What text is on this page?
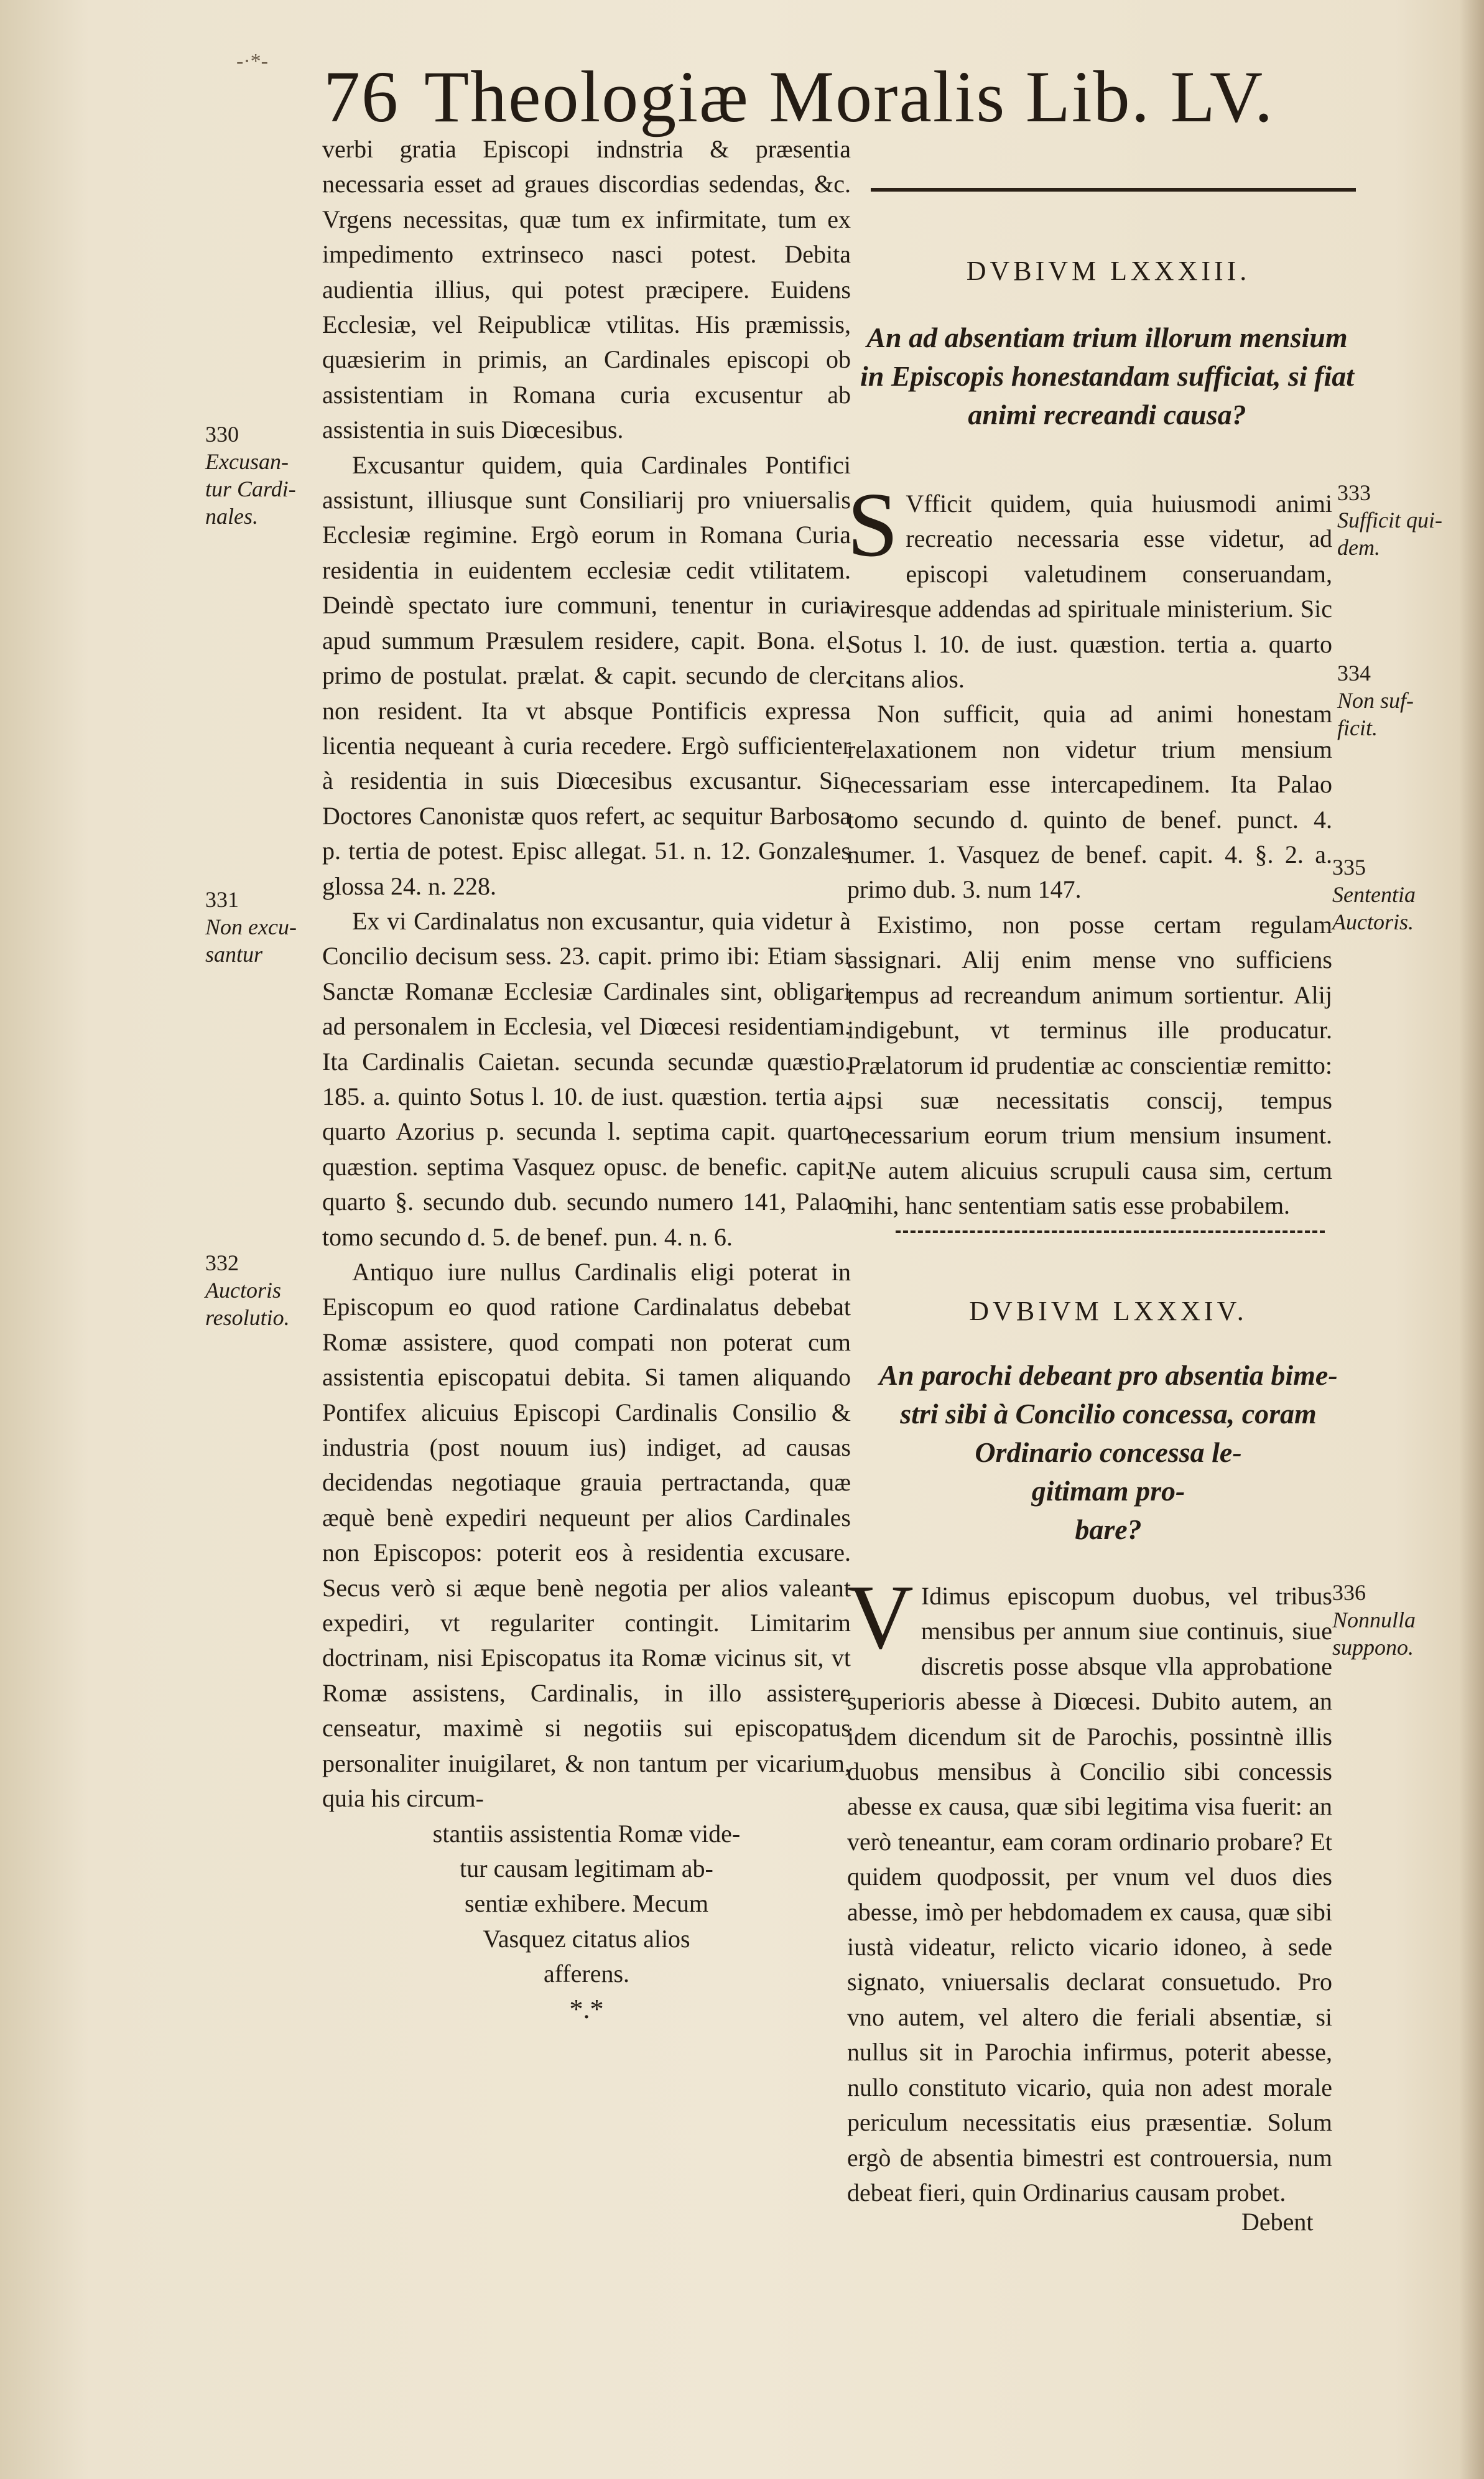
-·*- 76 Theologiæ Moralis Lib. LV.

verbi gratia Episcopi indnstria & præsentia necessaria esset ad graues discordias sedendas, &c. Vrgens necessitas, quæ tum ex infirmitate, tum ex impedimento extrinseco nasci potest. Debita audientia illius, qui potest præcipere. Euidens Ecclesiæ, vel Reipublicæ vtilitas. His præmissis, quæsierim in primis, an Cardinales episcopi ob assistentiam in Romana curia excusentur ab assistentia in suis Diœcesibus.

Excusantur quidem, quia Cardinales Pontifici assistunt, illiusque sunt Consiliarij pro vniuersalis Ecclesiæ regimine. Ergò eorum in Romana Curia residentia in euidentem ecclesiæ cedit vtilitatem. Deindè spectato iure communi, tenentur in curia apud summum Præsulem residere, capit. Bona. el. primo de postulat. prælat. & capit. secundo de cler. non resident. Ita vt absque Pontificis expressa licentia nequeant à curia recedere. Ergò sufficienter à residentia in suis Diœcesibus excusantur. Sic Doctores Canonistæ quos refert, ac sequitur Barbosa p. tertia de potest. Episc allegat. 51. n. 12. Gonzales glossa 24. n. 228.

Ex vi Cardinalatus non excusantur, quia videtur à Concilio decisum sess. 23. capit. primo ibi: Etiam si Sanctæ Romanæ Ecclesiæ Cardinales sint, obligari ad personalem in Ecclesia, vel Diœcesi residentiam. Ita Cardinalis Caietan. secunda secundæ quæstio. 185. a. quinto Sotus l. 10. de iust. quæstion. tertia a. quarto Azorius p. secunda l. septima capit. quarto quæstion. septima Vasquez opusc. de benefic. capit. quarto §. secundo dub. secundo numero 141, Palao tomo secundo d. 5. de benef. pun. 4. n. 6.

Antiquo iure nullus Cardinalis eligi poterat in Episcopum eo quod ratione Cardinalatus debebat Romæ assistere, quod compati non poterat cum assistentia episcopatui debita. Si tamen aliquando Pontifex alicuius Episcopi Cardinalis Consilio & industria (post nouum ius) indiget, ad causas decidendas negotiaque grauia pertractanda, quæ æquè benè expediri nequeunt per alios Cardinales non Episcopos: poterit eos à residentia excusare. Secus verò si æque benè negotia per alios valeant expediri, vt regulariter contingit. Limitarim doctrinam, nisi Episcopatus ita Romæ vicinus sit, vt Romæ assistens, Cardinalis, in illo assistere censeatur, maximè si negotiis sui episcopatus personaliter inuigilaret, & non tantum per vicarium, quia his circum-

stantiis assistentia Romæ vide-
tur causam legitimam ab-
sentiæ exhibere. Mecum
Vasquez citatus alios
afferens.
*.*
330
Excusan-
tur Cardi-
nales.
331
Non excu-
santur
332
Auctoris
resolutio.
333
Sufficit qui-
dem.
334
Non suf-
ficit.
335
Sententia
Auctoris.
336
Nonnulla
suppono.
DVBIVM LXXXIII.
An ad absentiam trium illorum mensium in Episcopis honestandam sufficiat, si fiat animi recreandi causa?

S Vfficit quidem, quia huiusmodi animi recreatio necessaria esse videtur, ad episcopi valetudinem conseruandam, viresque addendas ad spirituale ministerium. Sic Sotus l. 10. de iust. quæstion. tertia a. quarto citans alios.

Non sufficit, quia ad animi honestam relaxationem non videtur trium mensium necessariam esse intercapedinem. Ita Palao tomo secundo d. quinto de benef. punct. 4. numer. 1. Vasquez de benef. capit. 4. §. 2. a. primo dub. 3. num 147.

Existimo, non posse certam regulam assignari. Alij enim mense vno sufficiens tempus ad recreandum animum sortientur. Alij indigebunt, vt terminus ille producatur. Prælatorum id prudentiæ ac conscientiæ remitto: ipsi suæ necessitatis conscij, tempus necessarium eorum trium mensium insument. Ne autem alicuius scrupuli causa sim, certum mihi, hanc sententiam satis esse probabilem.

DVBIVM LXXXIV.
An parochi debeant pro absentia bime-
stri sibi à Concilio concessa, coram
Ordinario concessa le-
gitimam pro-
bare?

V Idimus episcopum duobus, vel tribus mensibus per annum siue continuis, siue discretis posse absque vlla approbatione superioris abesse à Diœcesi. Dubito autem, an idem dicendum sit de Parochis, possintnè illis duobus mensibus à Concilio sibi concessis abesse ex causa, quæ sibi legitima visa fuerit: an verò teneantur, eam coram ordinario probare? Et quidem quodpossit, per vnum vel duos dies abesse, imò per hebdomadem ex causa, quæ sibi iustà videatur, relicto vicario idoneo, à sede signato, vniuersalis declarat consuetudo. Pro vno autem, vel altero die feriali absentiæ, si nullus sit in Parochia infirmus, poterit abesse, nullo constituto vicario, quia non adest morale periculum necessitatis eius præsentiæ. Solum ergò de absentia bimestri est controuersia, num debeat fieri, quin Ordinarius causam probet.

Debent
